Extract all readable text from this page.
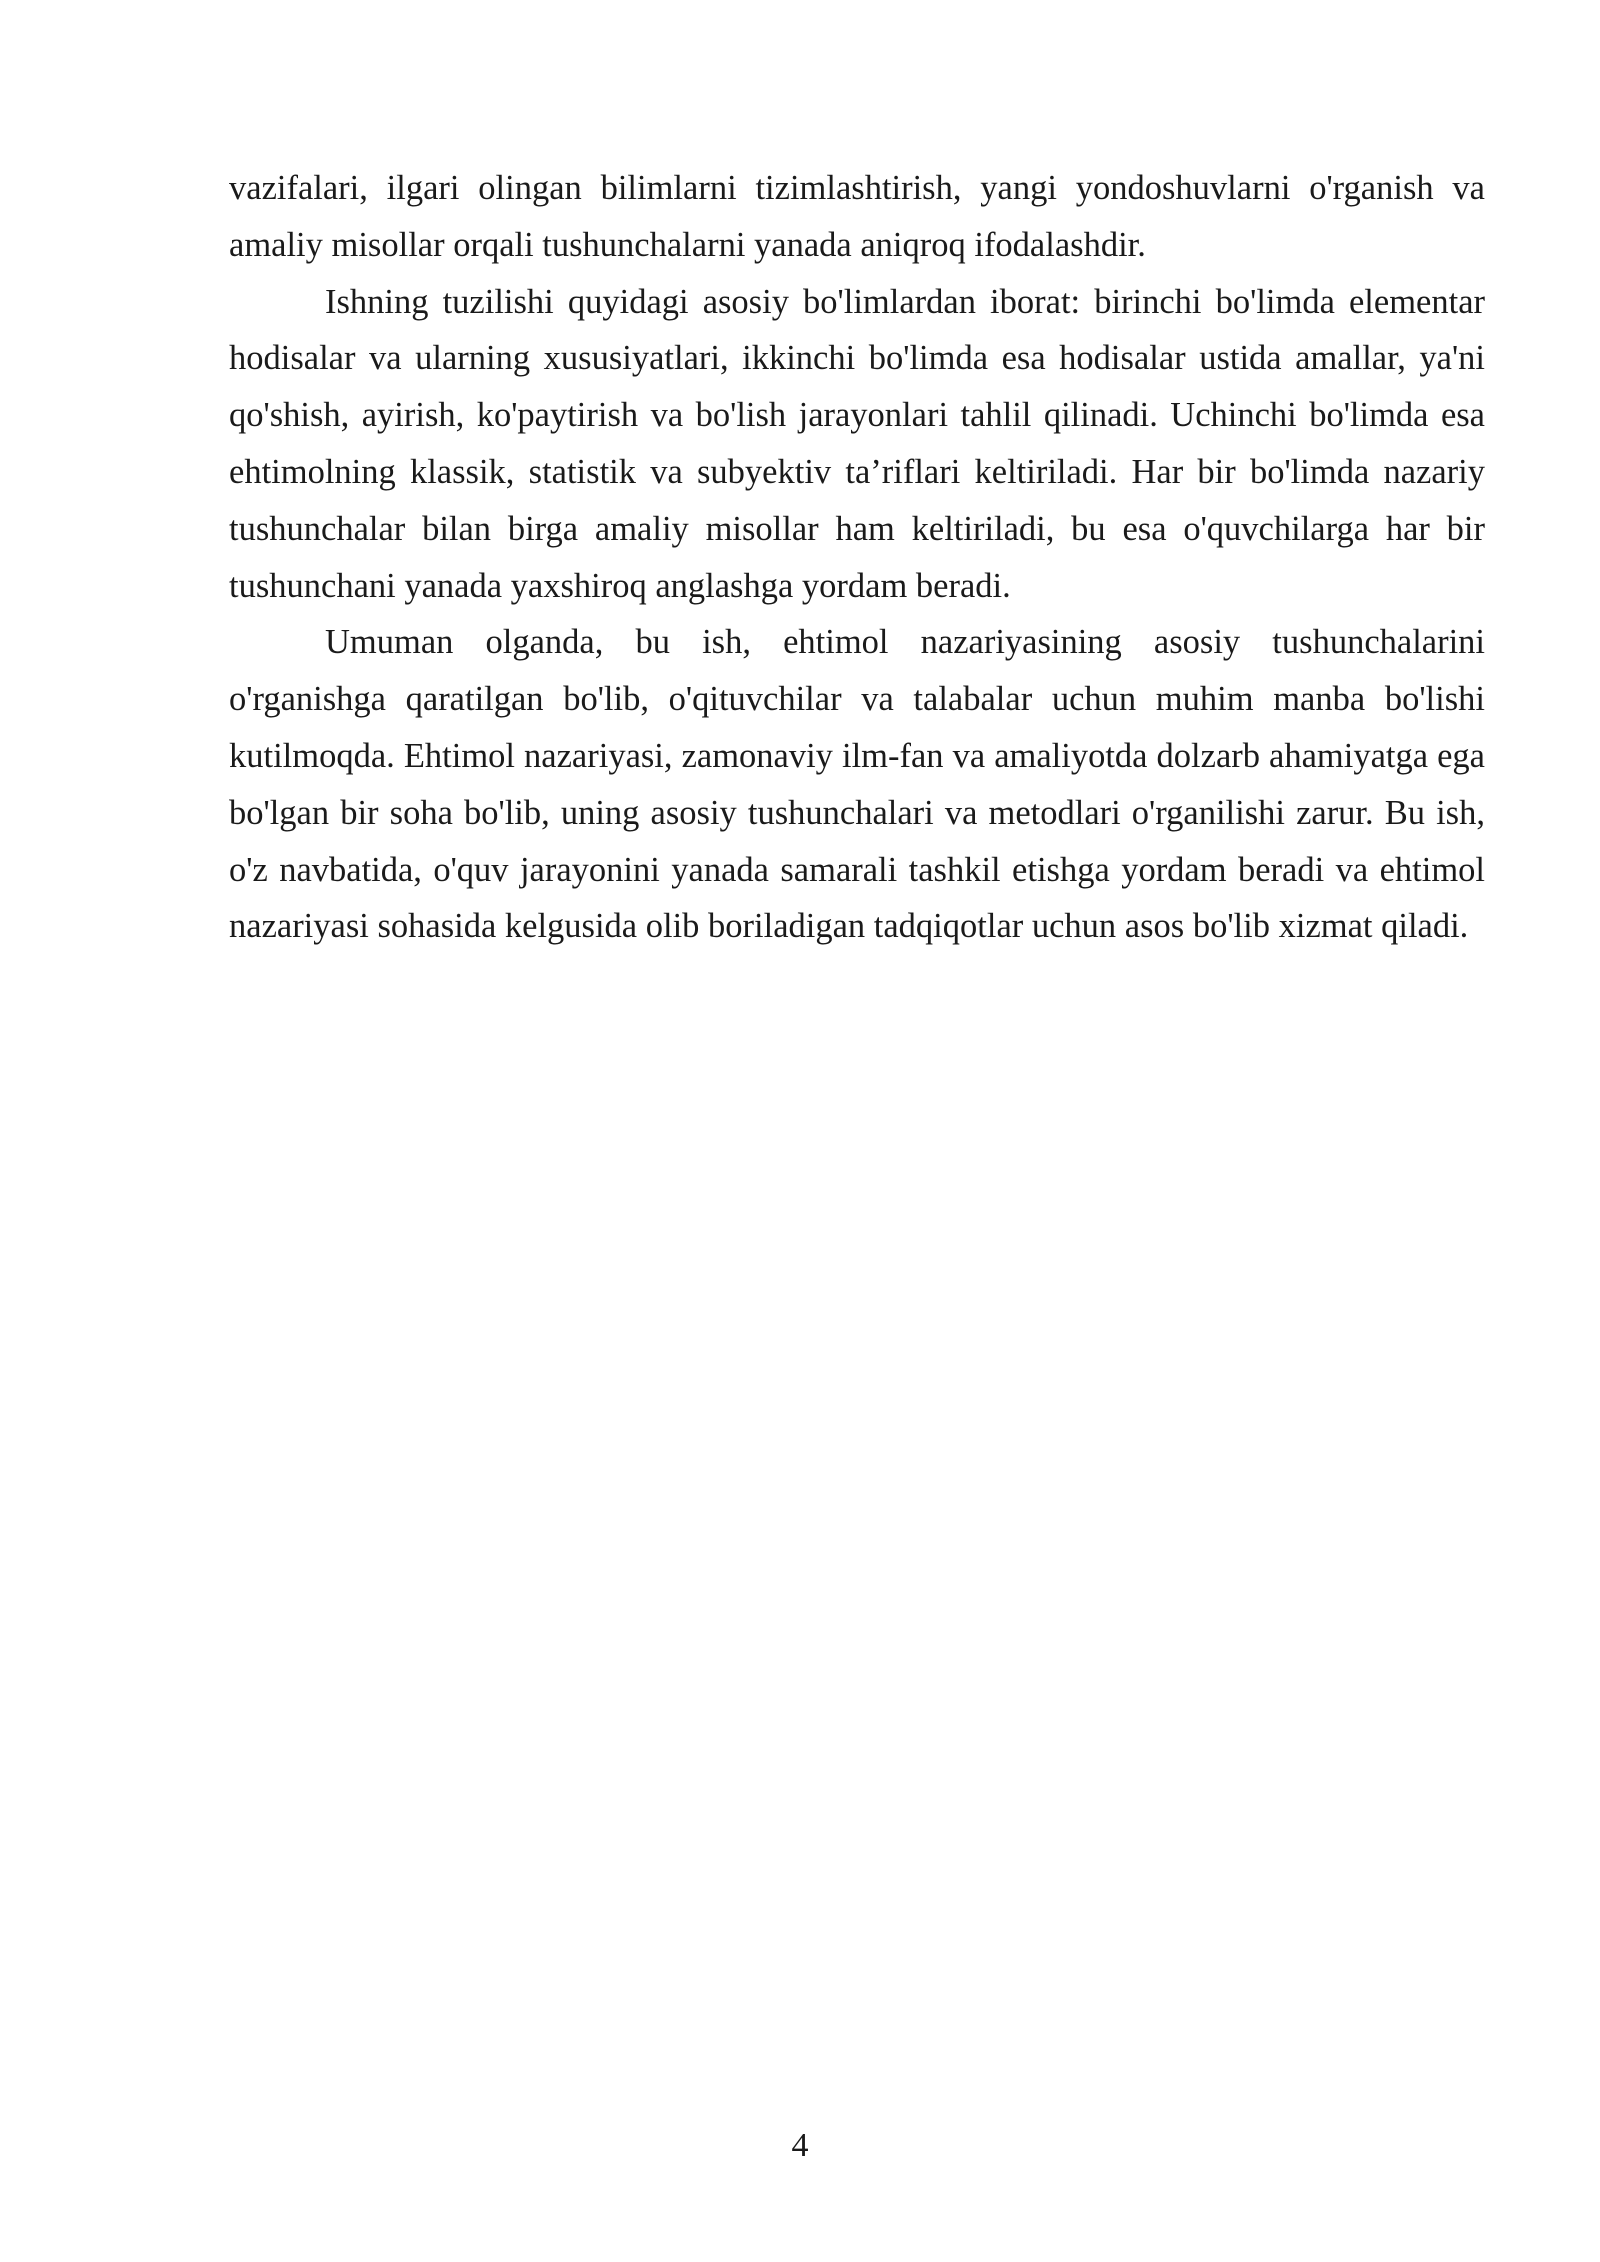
vazifalari, ilgari olingan bilimlarni tizimlashtirish, yangi yondoshuvlarni o'rganish va amaliy misollar orqali tushunchalarni yanada aniqroq ifodalashdir.

Ishning tuzilishi quyidagi asosiy bo'limlardan iborat: birinchi bo'limda elementar hodisalar va ularning xususiyatlari, ikkinchi bo'limda esa hodisalar ustida amallar, ya'ni qo'shish, ayirish, ko'paytirish va bo'lish jarayonlari tahlil qilinadi. Uchinchi bo'limda esa ehtimolning klassik, statistik va subyektiv ta’riflari keltiriladi. Har bir bo'limda nazariy tushunchalar bilan birga amaliy misollar ham keltiriladi, bu esa o'quvchilarga har bir tushunchani yanada yaxshiroq anglashga yordam beradi.

Umuman olganda, bu ish, ehtimol nazariyasining asosiy tushunchalarini o'rganishga qaratilgan bo'lib, o'qituvchilar va talabalar uchun muhim manba bo'lishi kutilmoqda. Ehtimol nazariyasi, zamonaviy ilm-fan va amaliyotda dolzarb ahamiyatga ega bo'lgan bir soha bo'lib, uning asosiy tushunchalari va metodlari o'rganilishi zarur. Bu ish, o'z navbatida, o'quv jarayonini yanada samarali tashkil etishga yordam beradi va ehtimol nazariyasi sohasida kelgusida olib boriladigan tadqiqotlar uchun asos bo'lib xizmat qiladi.

4
